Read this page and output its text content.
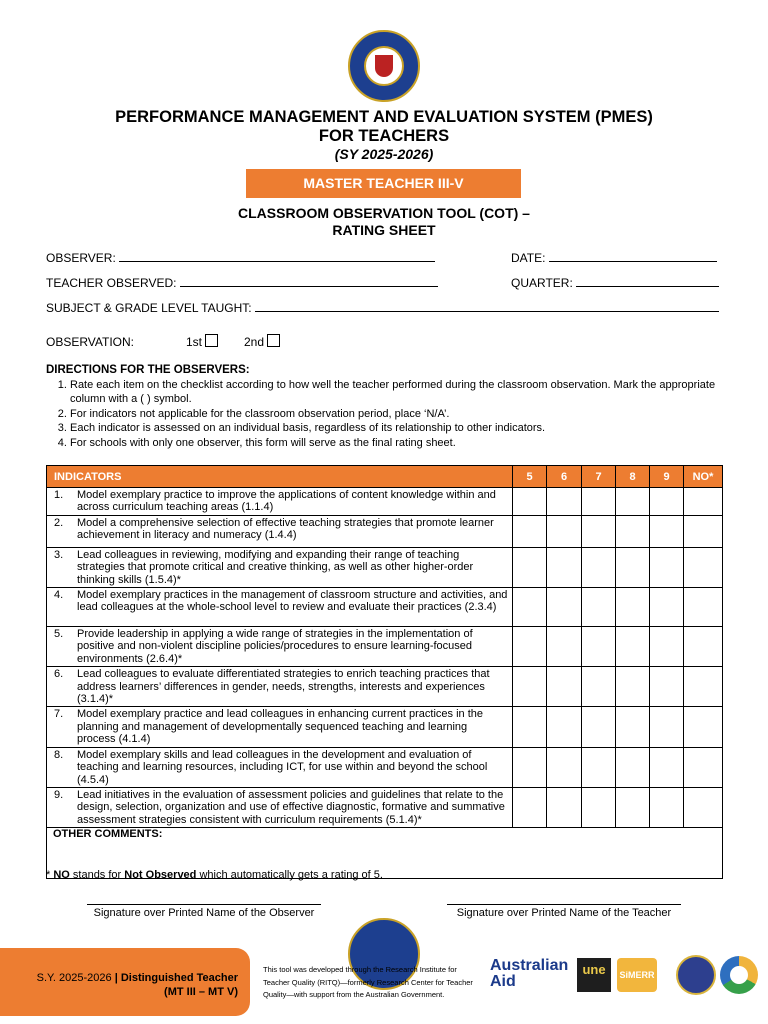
PERFORMANCE MANAGEMENT AND EVALUATION SYSTEM (PMES)
FOR TEACHERS
(SY 2025-2026)
MASTER TEACHER III-V
CLASSROOM OBSERVATION TOOL (COT) –
RATING SHEET
OBSERVER:	DATE:
TEACHER OBSERVED:	QUARTER:
SUBJECT & GRADE LEVEL TAUGHT:
OBSERVATION:	1st	2nd
DIRECTIONS FOR THE OBSERVERS:
1. Rate each item on the checklist according to how well the teacher performed during the classroom observation. Mark the appropriate column with a ( ) symbol.
2. For indicators not applicable for the classroom observation period, place ‘N/A’.
3. Each indicator is assessed on an individual basis, regardless of its relationship to other indicators.
4. For schools with only one observer, this form will serve as the final rating sheet.
INDICATORS	5	6	7	8	9	NO*

1. Model exemplary practice to improve the applications of content knowledge within and across curriculum teaching areas (1.1.4)						

2. Model a comprehensive selection of effective teaching strategies that promote learner achievement in literacy and numeracy (1.4.4)						

3. Lead colleagues in reviewing, modifying and expanding their range of teaching strategies that promote critical and creative thinking, as well as other higher-order thinking skills (1.5.4)*						

4. Model exemplary practices in the management of classroom structure and activities, and lead colleagues at the whole-school level to review and evaluate their practices (2.3.4)						

5. Provide leadership in applying a wide range of strategies in the implementation of positive and non-violent discipline policies/procedures to ensure learning-focused environments (2.6.4)*						

6. Lead colleagues to evaluate differentiated strategies to enrich teaching practices that address learners’ differences in gender, needs, strengths, interests and experiences (3.1.4)*						

7. Model exemplary practice and lead colleagues in enhancing current practices in the planning and management of developmentally sequenced teaching and learning process (4.1.4)						

8. Model exemplary skills and lead colleagues in the development and evaluation of teaching and learning resources, including ICT, for use within and beyond the school (4.5.4)						

9. Lead initiatives in the evaluation of assessment policies and guidelines that relate to the design, selection, organization and use of effective diagnostic, formative and summative assessment strategies consistent with curriculum requirements (5.1.4)*						

OTHER COMMENTS:						
* NO stands for Not Observed which automatically gets a rating of 5.
Signature over Printed Name of the Observer	Signature over Printed Name of the Teacher
S.Y. 2025-2026 | Distinguished Teacher
(MT III – MT V)
This tool was developed through the Research Institute for Teacher Quality (RITQ)—formerly Research Center for Teacher Quality—with support from the Australian Government.
Australian
Aid
une	SiMERR
